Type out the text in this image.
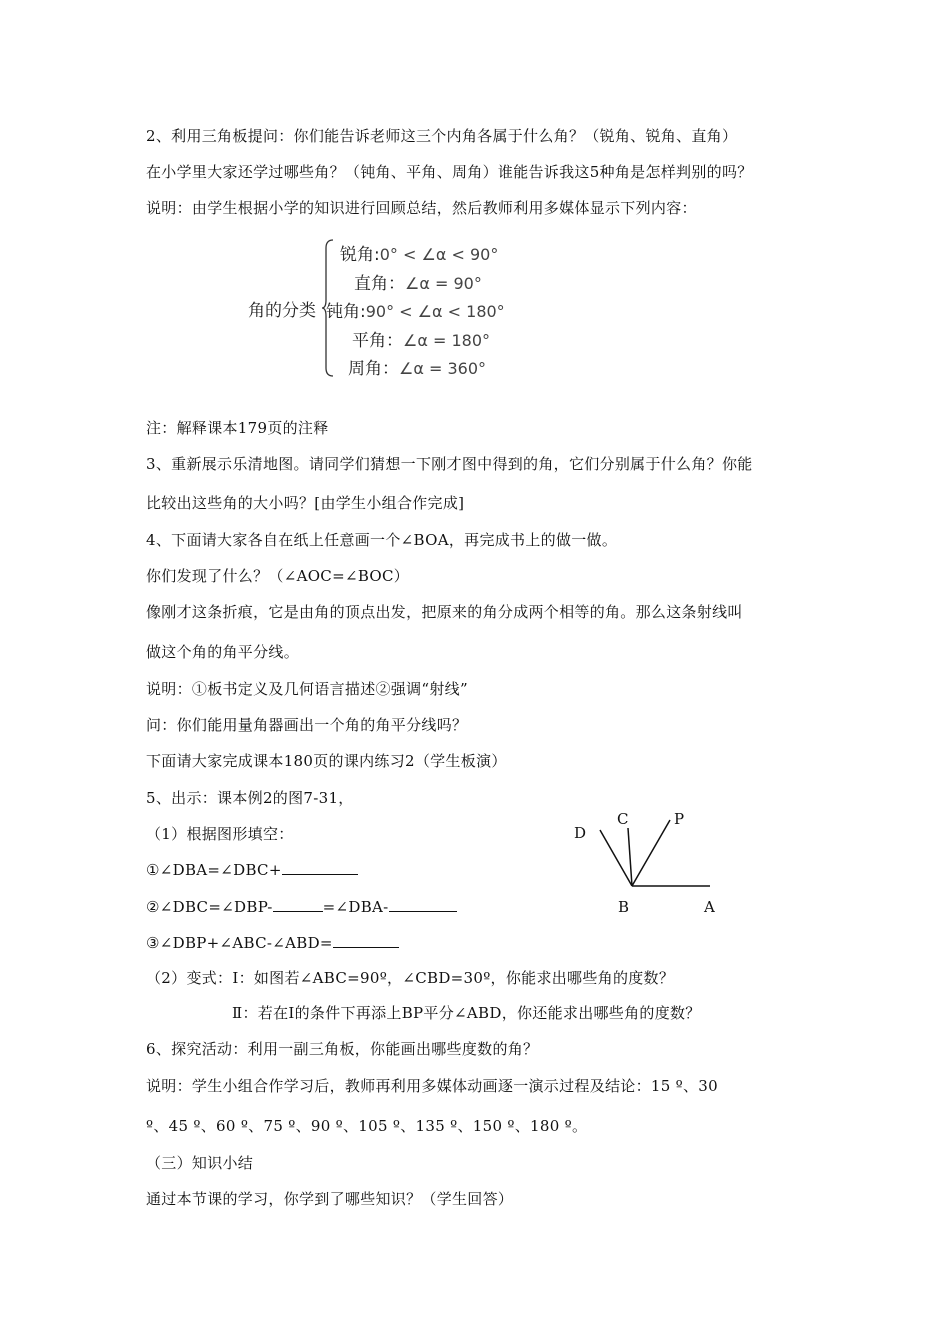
2、利用三角板提问：你们能告诉老师这三个内角各属于什么角？（锐角、锐角、直角）
在小学里大家还学过哪些角？（钝角、平角、周角）谁能告诉我这5种角是怎样判别的吗？
说明：由学生根据小学的知识进行回顾总结，然后教师利用多媒体显示下列内容：
角的分类
锐角:0° < ∠α < 90°
直角：∠α = 90°
钝角:90° < ∠α < 180°
平角：∠α = 180°
周角：∠α = 360°
注：解释课本179页的注释
3、重新展示乐清地图。请同学们猜想一下刚才图中得到的角，它们分别属于什么角？你能
比较出这些角的大小吗？[由学生小组合作完成]
4、下面请大家各自在纸上任意画一个∠BOA，再完成书上的做一做。
你们发现了什么？（∠AOC=∠BOC）
像刚才这条折痕，它是由角的顶点出发，把原来的角分成两个相等的角。那么这条射线叫
做这个角的角平分线。
说明：①板书定义及几何语言描述②强调“射线”
问：你们能用量角器画出一个角的角平分线吗？
下面请大家完成课本180页的课内练习2（学生板演）
5、出示：课本例2的图7-31，
（1）根据图形填空：
①∠DBA=∠DBC+
②∠DBC=∠DBP-	=∠DBA-
③∠DBP+∠ABC-∠ABD=
C	P
D
B	A
（2）变式：Ⅰ：如图若∠ABC=90º，∠CBD=30º，你能求出哪些角的度数？
Ⅱ：若在Ⅰ的条件下再添上BP平分∠ABD，你还能求出哪些角的度数？
6、探究活动：利用一副三角板，你能画出哪些度数的角？
说明：学生小组合作学习后，教师再利用多媒体动画逐一演示过程及结论：15 º、30
º、45 º、60 º、75 º、90 º、105 º、135 º、150 º、180 º。
（三）知识小结
通过本节课的学习，你学到了哪些知识？（学生回答）
